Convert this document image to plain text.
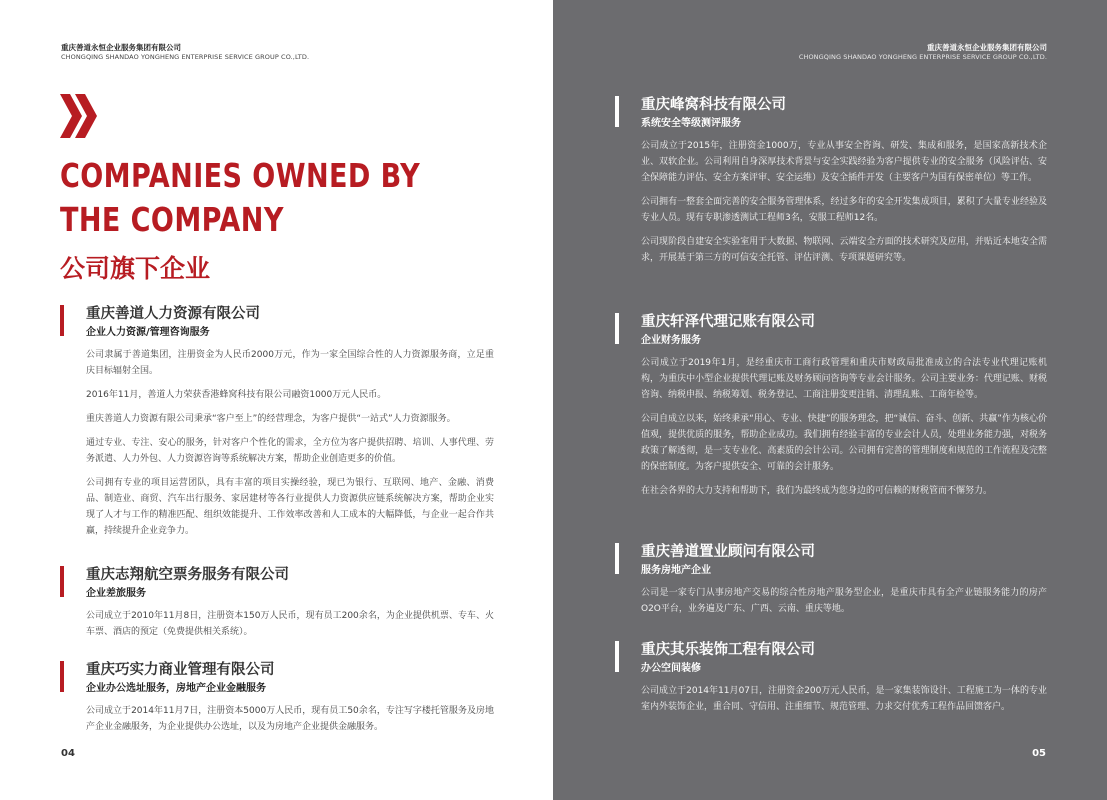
重庆善道永恒企业服务集团有限公司
CHONGQING SHANDAO YONGHENG ENTERPRISE SERVICE GROUP CO.,LTD.
COMPANIES OWNED BY
THE COMPANY
公司旗下企业
重庆善道人力资源有限公司
企业人力资源/管理咨询服务

公司隶属于善道集团，注册资金为人民币2000万元，作为一家全国综合性的人力资源服务商，立足重庆目标辐射全国。

2016年11月，善道人力荣获香港蜂窝科技有限公司融资1000万元人民币。

重庆善道人力资源有限公司秉承“客户至上”的经营理念，为客户提供“一站式”人力资源服务。

通过专业、专注、安心的服务，针对客户个性化的需求，全方位为客户提供招聘、培训、人事代理、劳务派遣、人力外包、人力资源咨询等系统解决方案，帮助企业创造更多的价值。

公司拥有专业的项目运营团队，具有丰富的项目实操经验，现已为银行、互联网、地产、金融、消费品、制造业、商贸、汽车出行服务、家居建材等各行业提供人力资源供应链系统解决方案，帮助企业实现了人才与工作的精准匹配、组织效能提升、工作效率改善和人工成本的大幅降低，与企业一起合作共赢，持续提升企业竞争力。

重庆志翔航空票务服务有限公司
企业差旅服务

公司成立于2010年11月8日，注册资本150万人民币，现有员工200余名，为企业提供机票、专车、火车票、酒店的预定（免费提供相关系统）。

重庆巧实力商业管理有限公司
企业办公选址服务，房地产企业金融服务

公司成立于2014年11月7日，注册资本5000万人民币，现有员工50余名，专注写字楼托管服务及房地产企业金融服务，为企业提供办公选址，以及为房地产企业提供金融服务。

04
重庆善道永恒企业服务集团有限公司
CHONGQING SHANDAO YONGHENG ENTERPRISE SERVICE GROUP CO.,LTD.
重庆峰窝科技有限公司
系统安全等级测评服务

公司成立于2015年，注册资金1000万，专业从事安全咨询、研发、集成和服务，是国家高新技术企业、双软企业。公司利用自身深厚技术背景与安全实践经验为客户提供专业的安全服务（风险评估、安全保障能力评估、安全方案评审、安全运维）及安全插件开发（主要客户为国有保密单位）等工作。

公司拥有一整套全面完善的安全服务管理体系，经过多年的安全开发集成项目，累积了大量专业经验及专业人员。现有专职渗透测试工程师3名，安服工程师12名。

公司现阶段自建安全实验室用于大数据、物联网、云端安全方面的技术研究及应用，并贴近本地安全需求，开展基于第三方的可信安全托管、评估评测、专项课题研究等。

重庆轩泽代理记账有限公司
企业财务服务

公司成立于2019年1月，是经重庆市工商行政管理和重庆市财政局批准成立的合法专业代理记账机构，为重庆中小型企业提供代理记账及财务顾问咨询等专业会计服务。公司主要业务：代理记账、财税咨询、纳税申报、纳税筹划、税务登记、工商注册变更注销、清理乱账、工商年检等。

公司自成立以来，始终秉承“用心、专业、快捷”的服务理念，把“诚信、奋斗、创新、共赢”作为核心价值观，提供优质的服务，帮助企业成功。我们拥有经验丰富的专业会计人员，处理业务能力强，对税务政策了解透彻，是一支专业化、高素质的会计公司。公司拥有完善的管理制度和规范的工作流程及完整的保密制度。为客户提供安全、可靠的会计服务。

在社会各界的大力支持和帮助下，我们为最终成为您身边的可信赖的财税管而不懈努力。

重庆善道置业顾问有限公司
服务房地产企业

公司是一家专门从事房地产交易的综合性房地产服务型企业，是重庆市具有全产业链服务能力的房产O2O平台，业务遍及广东、广西、云南、重庆等地。

重庆其乐装饰工程有限公司
办公空间装修

公司成立于2014年11月07日，注册资金200万元人民币，是一家集装饰设计、工程施工为一体的专业室内外装饰企业，重合同、守信用、注重细节、规范管理、力求交付优秀工程作品回馈客户。

05
